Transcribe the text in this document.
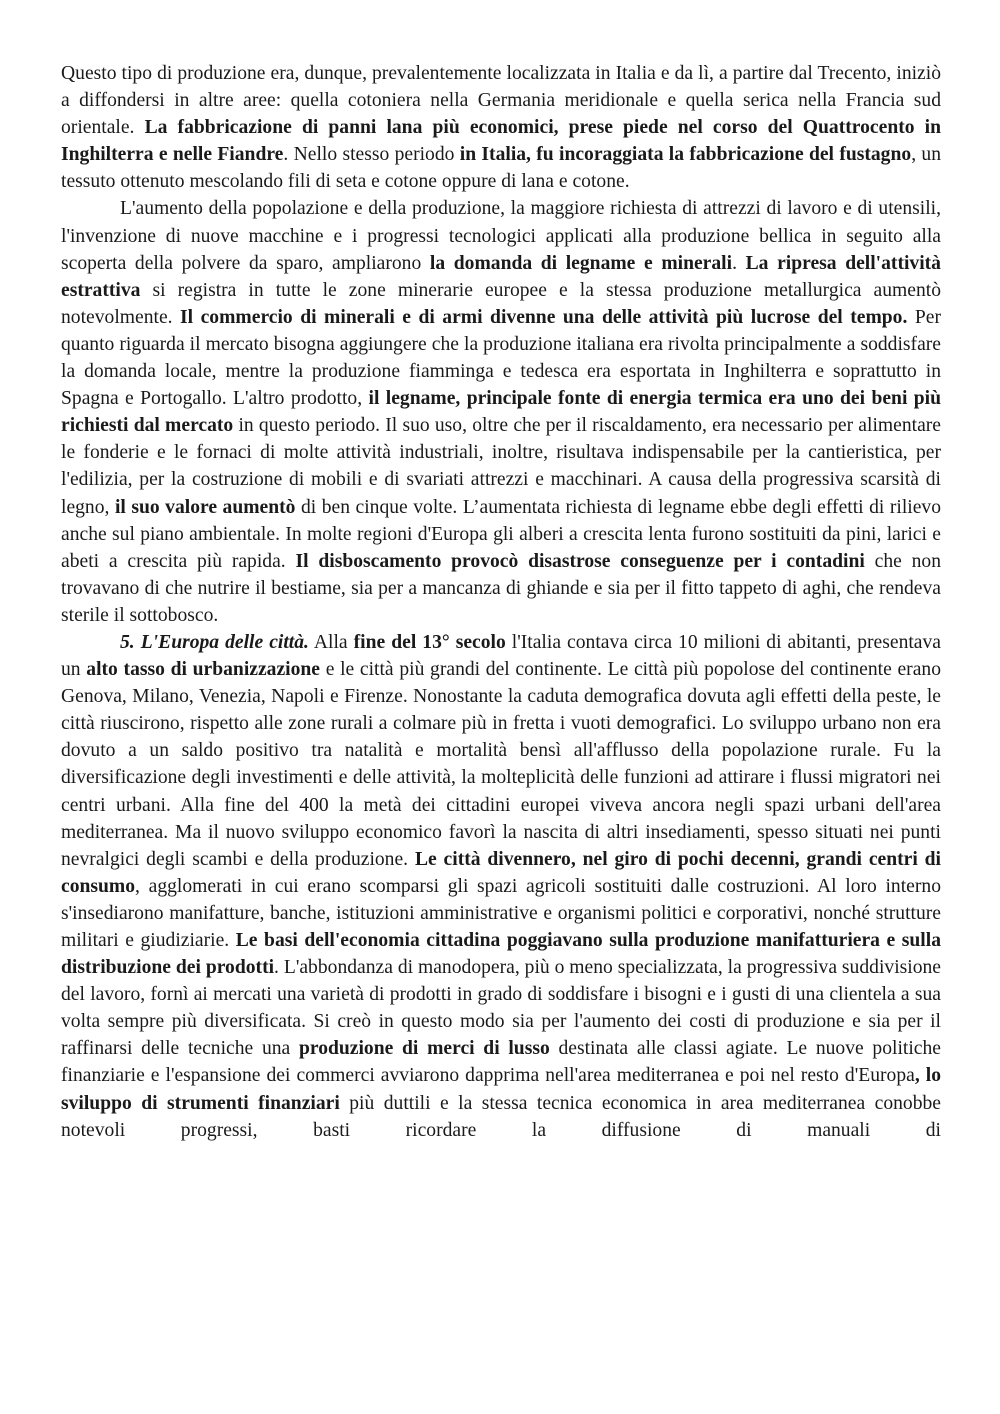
Questo tipo di produzione era, dunque, prevalentemente localizzata in Italia e da lì, a partire dal Trecento, iniziò a diffondersi in altre aree: quella cotoniera nella Germania meridionale e quella serica nella Francia sud orientale. La fabbricazione di panni lana più economici, prese piede nel corso del Quattrocento in Inghilterra e nelle Fiandre. Nello stesso periodo in Italia, fu incoraggiata la fabbricazione del fustagno, un tessuto ottenuto mescolando fili di seta e cotone oppure di lana e cotone.

L'aumento della popolazione e della produzione, la maggiore richiesta di attrezzi di lavoro e di utensili, l'invenzione di nuove macchine e i progressi tecnologici applicati alla produzione bellica in seguito alla scoperta della polvere da sparo, ampliarono la domanda di legname e minerali. La ripresa dell'attività estrattiva si registra in tutte le zone minerarie europee e la stessa produzione metallurgica aumentò notevolmente. Il commercio di minerali e di armi divenne una delle attività più lucrose del tempo. Per quanto riguarda il mercato bisogna aggiungere che la produzione italiana era rivolta principalmente a soddisfare la domanda locale, mentre la produzione fiamminga e tedesca era esportata in Inghilterra e soprattutto in Spagna e Portogallo. L'altro prodotto, il legname, principale fonte di energia termica era uno dei beni più richiesti dal mercato in questo periodo. Il suo uso, oltre che per il riscaldamento, era necessario per alimentare le fonderie e le fornaci di molte attività industriali, inoltre, risultava indispensabile per la cantieristica, per l'edilizia, per la costruzione di mobili e di svariati attrezzi e macchinari. A causa della progressiva scarsità di legno, il suo valore aumentò di ben cinque volte. L’aumentata richiesta di legname ebbe degli effetti di rilievo anche sul piano ambientale. In molte regioni d'Europa gli alberi a crescita lenta furono sostituiti da pini, larici e abeti a crescita più rapida. Il disboscamento provocò disastrose conseguenze per i contadini che non trovavano di che nutrire il bestiame, sia per a mancanza di ghiande e sia per il fitto tappeto di aghi, che rendeva sterile il sottobosco.

5. L'Europa delle città. Alla fine del 13° secolo l'Italia contava circa 10 milioni di abitanti, presentava un alto tasso di urbanizzazione e le città più grandi del continente. Le città più popolose del continente erano Genova, Milano, Venezia, Napoli e Firenze. Nonostante la caduta demografica dovuta agli effetti della peste, le città riuscirono, rispetto alle zone rurali a colmare più in fretta i vuoti demografici. Lo sviluppo urbano non era dovuto a un saldo positivo tra natalità e mortalità bensì all'afflusso della popolazione rurale. Fu la diversificazione degli investimenti e delle attività, la molteplicità delle funzioni ad attirare i flussi migratori nei centri urbani. Alla fine del 400 la metà dei cittadini europei viveva ancora negli spazi urbani dell'area mediterranea. Ma il nuovo sviluppo economico favorì la nascita di altri insediamenti, spesso situati nei punti nevralgici degli scambi e della produzione. Le città divennero, nel giro di pochi decenni, grandi centri di consumo, agglomerati in cui erano scomparsi gli spazi agricoli sostituiti dalle costruzioni. Al loro interno s'insediarono manifatture, banche, istituzioni amministrative e organismi politici e corporativi, nonché strutture militari e giudiziarie. Le basi dell'economia cittadina poggiavano sulla produzione manifatturiera e sulla distribuzione dei prodotti. L'abbondanza di manodopera, più o meno specializzata, la progressiva suddivisione del lavoro, fornì ai mercati una varietà di prodotti in grado di soddisfare i bisogni e i gusti di una clientela a sua volta sempre più diversificata. Si creò in questo modo sia per l'aumento dei costi di produzione e sia per il raffinarsi delle tecniche una produzione di merci di lusso destinata alle classi agiate. Le nuove politiche finanziarie e l'espansione dei commerci avviarono dapprima nell'area mediterranea e poi nel resto d'Europa, lo sviluppo di strumenti finanziari più duttili e la stessa tecnica economica in area mediterranea conobbe notevoli progressi, basti ricordare la diffusione di manuali di
